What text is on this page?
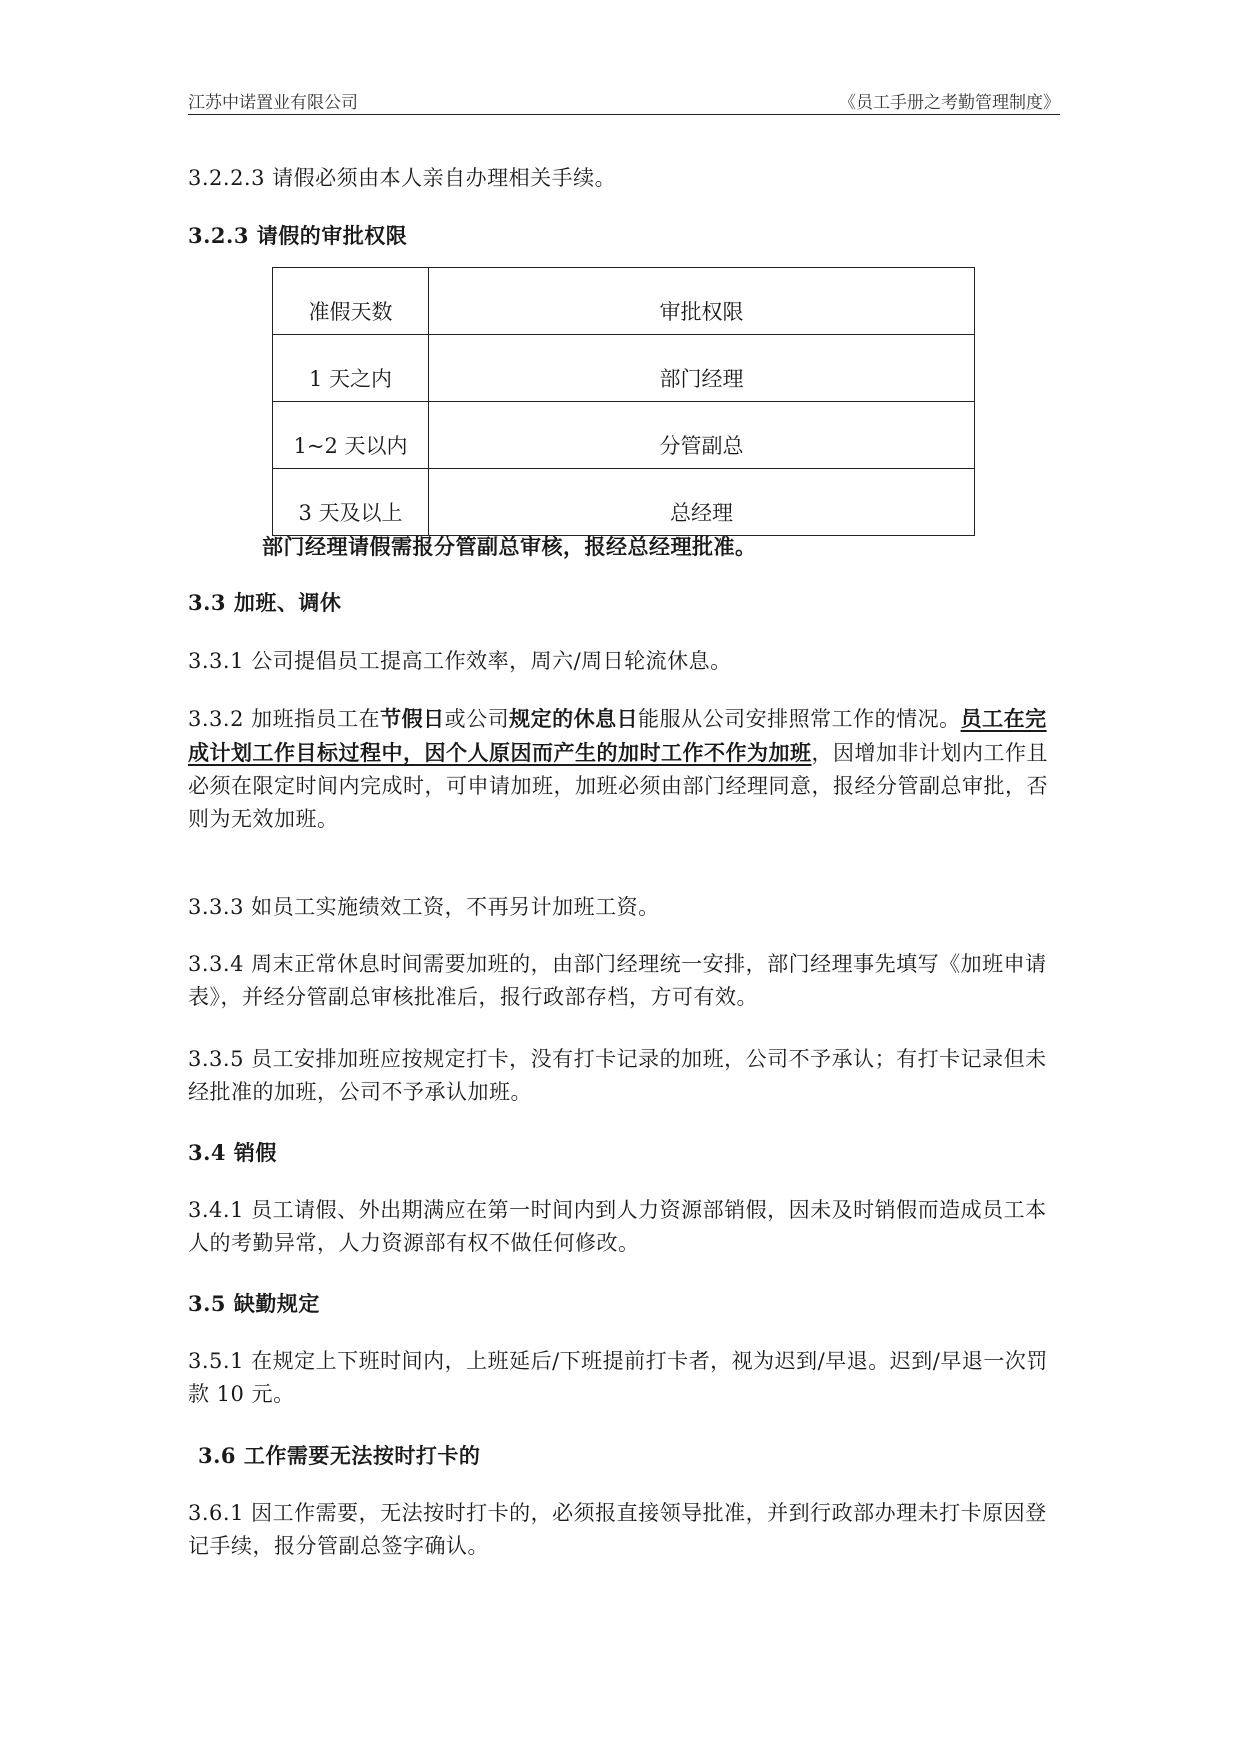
江苏中诺置业有限公司	《员工手册之考勤管理制度》

3.2.2.3 请假必须由本人亲自办理相关手续。

3.2.3 请假的审批权限

准假天数	审批权限
1 天之内	部门经理
1~2 天以内	分管副总
3 天及以上	总经理

部门经理请假需报分管副总审核，报经总经理批准。

3.3 加班、调休

3.3.1 公司提倡员工提高工作效率，周六/周日轮流休息。

3.3.2 加班指员工在节假日或公司规定的休息日能服从公司安排照常工作的情况。员工在完成计划工作目标过程中，因个人原因而产生的加时工作不作为加班，因增加非计划内工作且必须在限定时间内完成时，可申请加班，加班必须由部门经理同意，报经分管副总审批，否则为无效加班。

3.3.3 如员工实施绩效工资，不再另计加班工资。

3.3.4 周末正常休息时间需要加班的，由部门经理统一安排，部门经理事先填写《加班申请表》，并经分管副总审核批准后，报行政部存档，方可有效。

3.3.5 员工安排加班应按规定打卡，没有打卡记录的加班，公司不予承认；有打卡记录但未经批准的加班，公司不予承认加班。

3.4 销假

3.4.1 员工请假、外出期满应在第一时间内到人力资源部销假，因未及时销假而造成员工本人的考勤异常，人力资源部有权不做任何修改。

3.5 缺勤规定

3.5.1 在规定上下班时间内，上班延后/下班提前打卡者，视为迟到/早退。迟到/早退一次罚款 10 元。

3.6 工作需要无法按时打卡的

3.6.1 因工作需要，无法按时打卡的，必须报直接领导批准，并到行政部办理未打卡原因登记手续，报分管副总签字确认。
